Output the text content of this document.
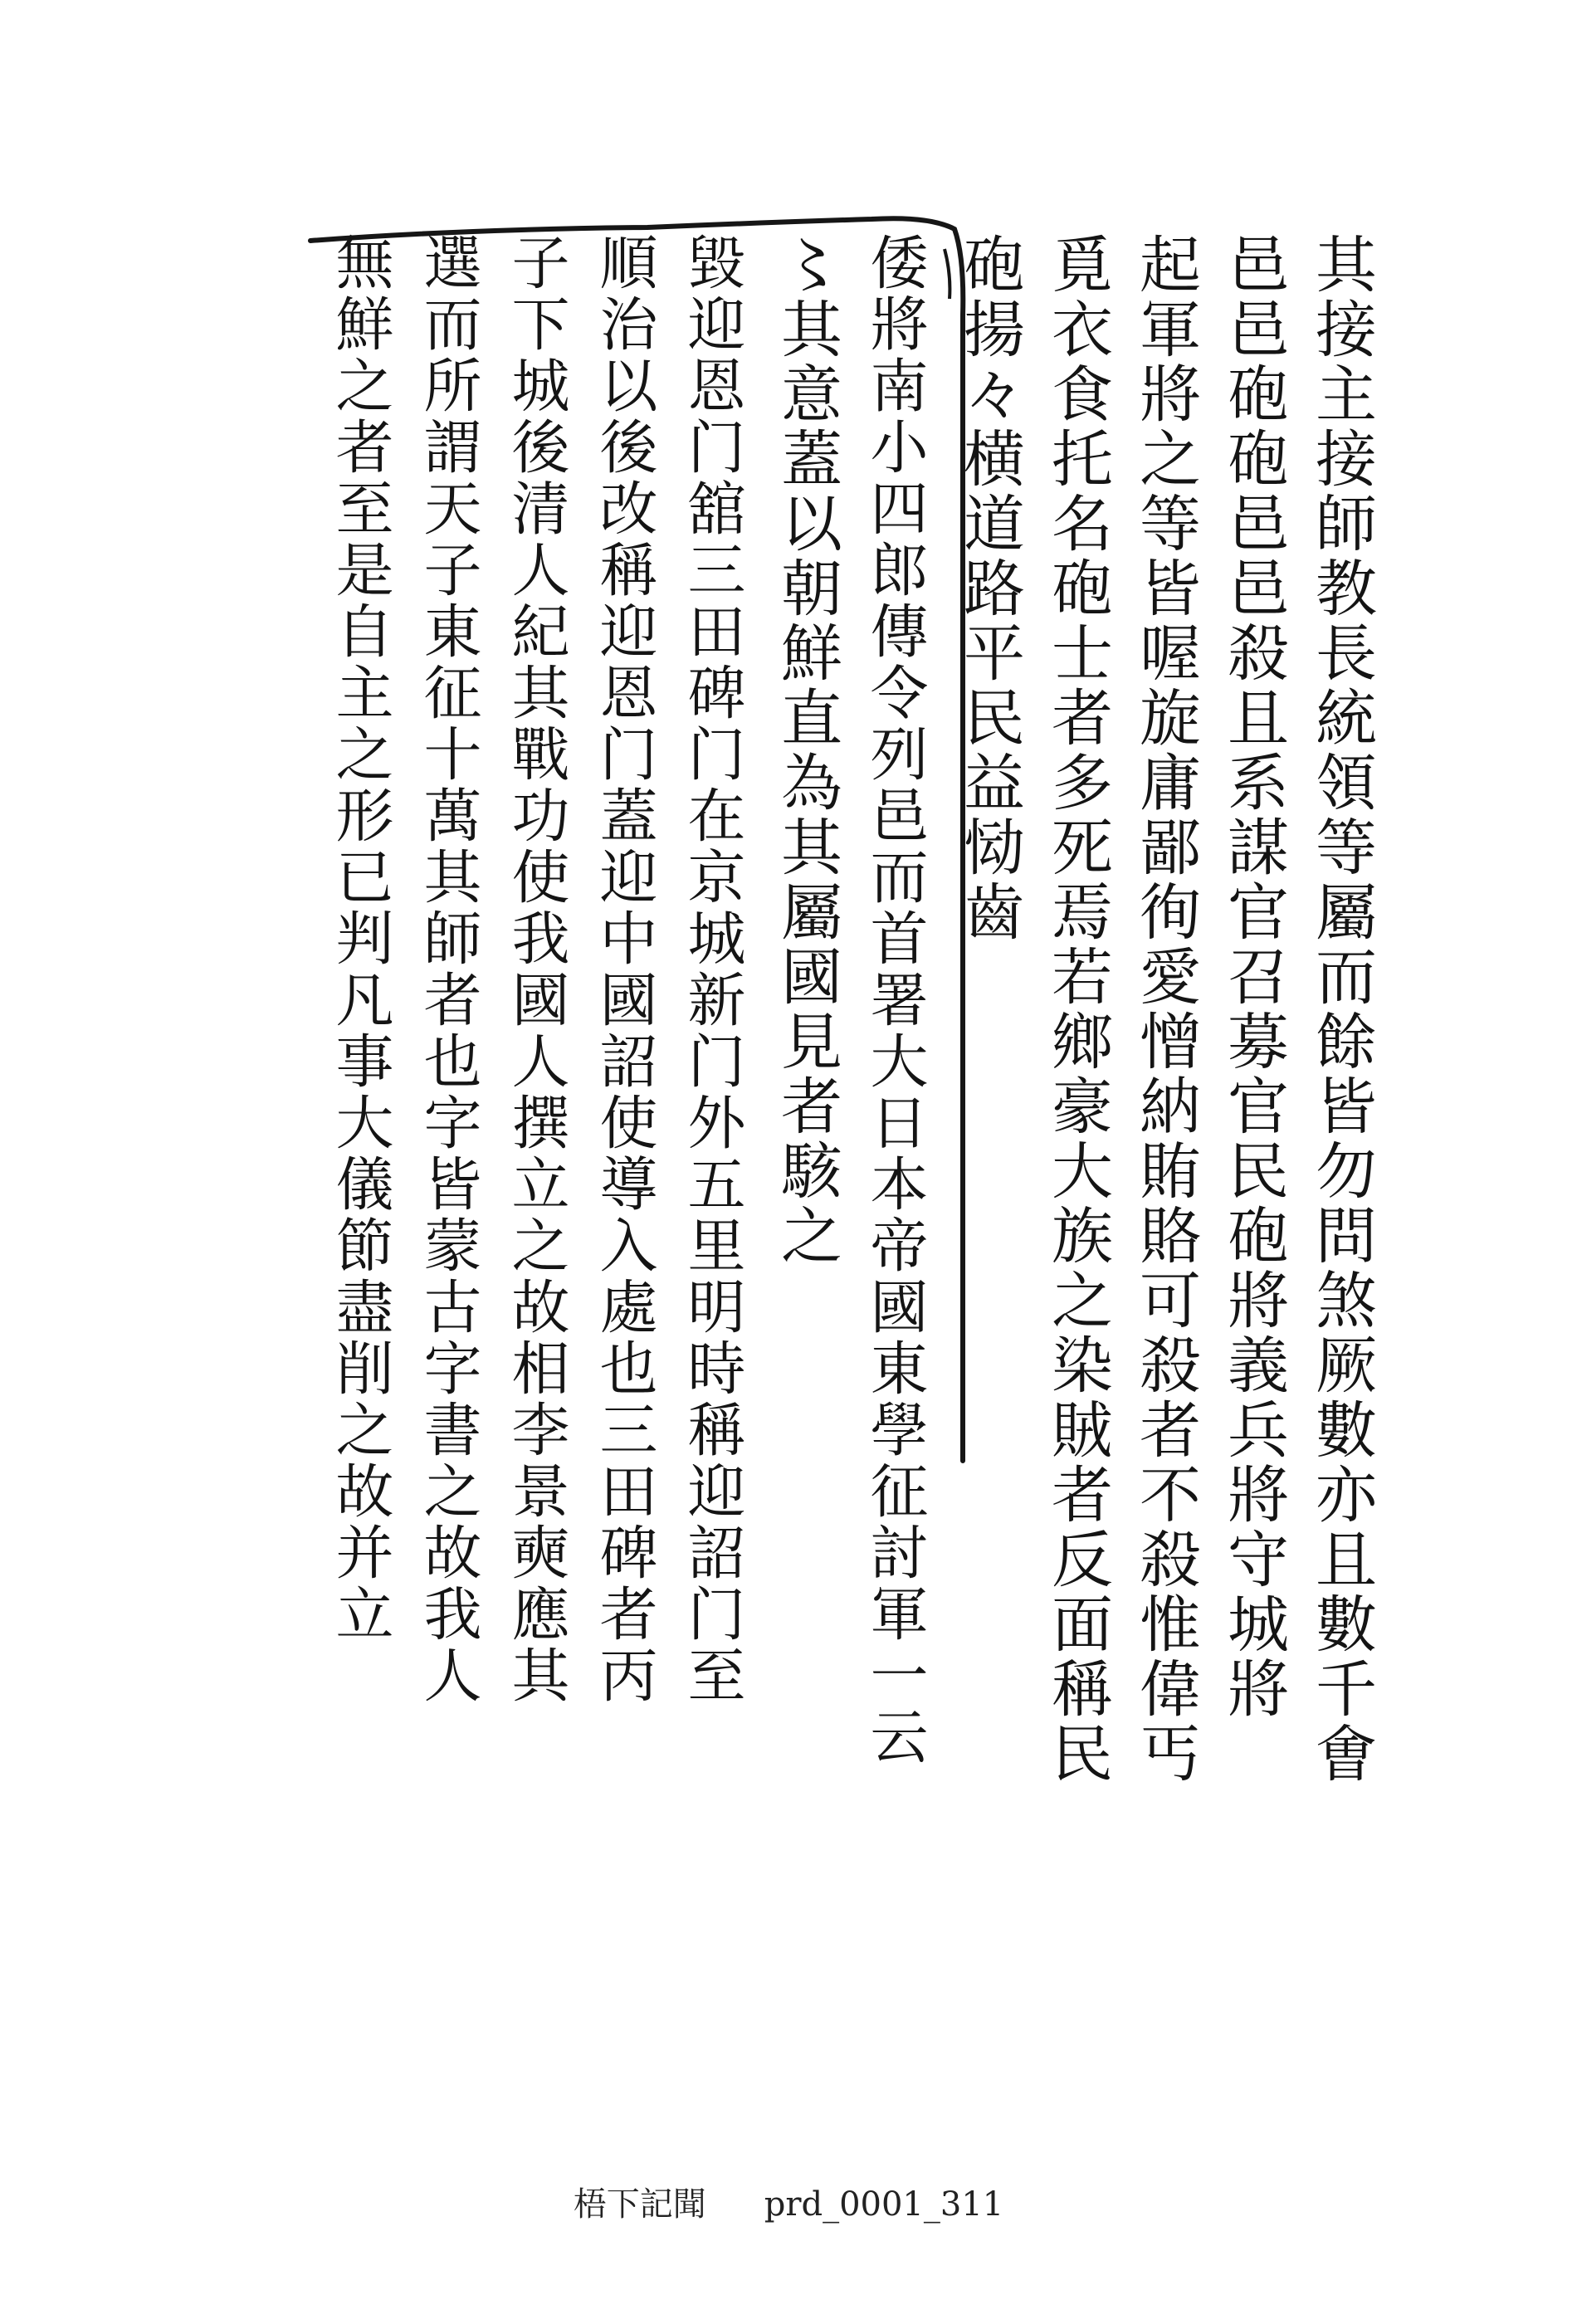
其接主接師教長統領等屬而餘皆勿問煞厥數亦且數千㑹
邑邑砲砲邑邑殺且系謀官召募官民砲將義兵將守城將
起軍將之等皆喔旋庸鄙徇愛憎納賄賂可殺者不殺惟偉丐
覓衣食托名砲士者多死焉若鄉豪大族之染賊者反面稱民
砲揚々横道路平民益恸齒
倭將南小四郎傳令列邑而首署大日本帝國東學征討軍一云
〻其意蓋以朝鮮直為其屬國見者駭之
毀迎恩门舘三田碑门在京城新门外五里明時稱迎詔门至
順治以後改稱迎恩门蓋迎中國詔使導入處也三田碑者丙
子下城後清人紀其戰功使我國人撰立之故相李景奭應其
選而所謂天子東征十萬其師者也字皆蒙古字書之故我人
無鮮之者至是自主之形已判凡事大儀節盡削之故并立
梧下記聞 prd_0001_311
